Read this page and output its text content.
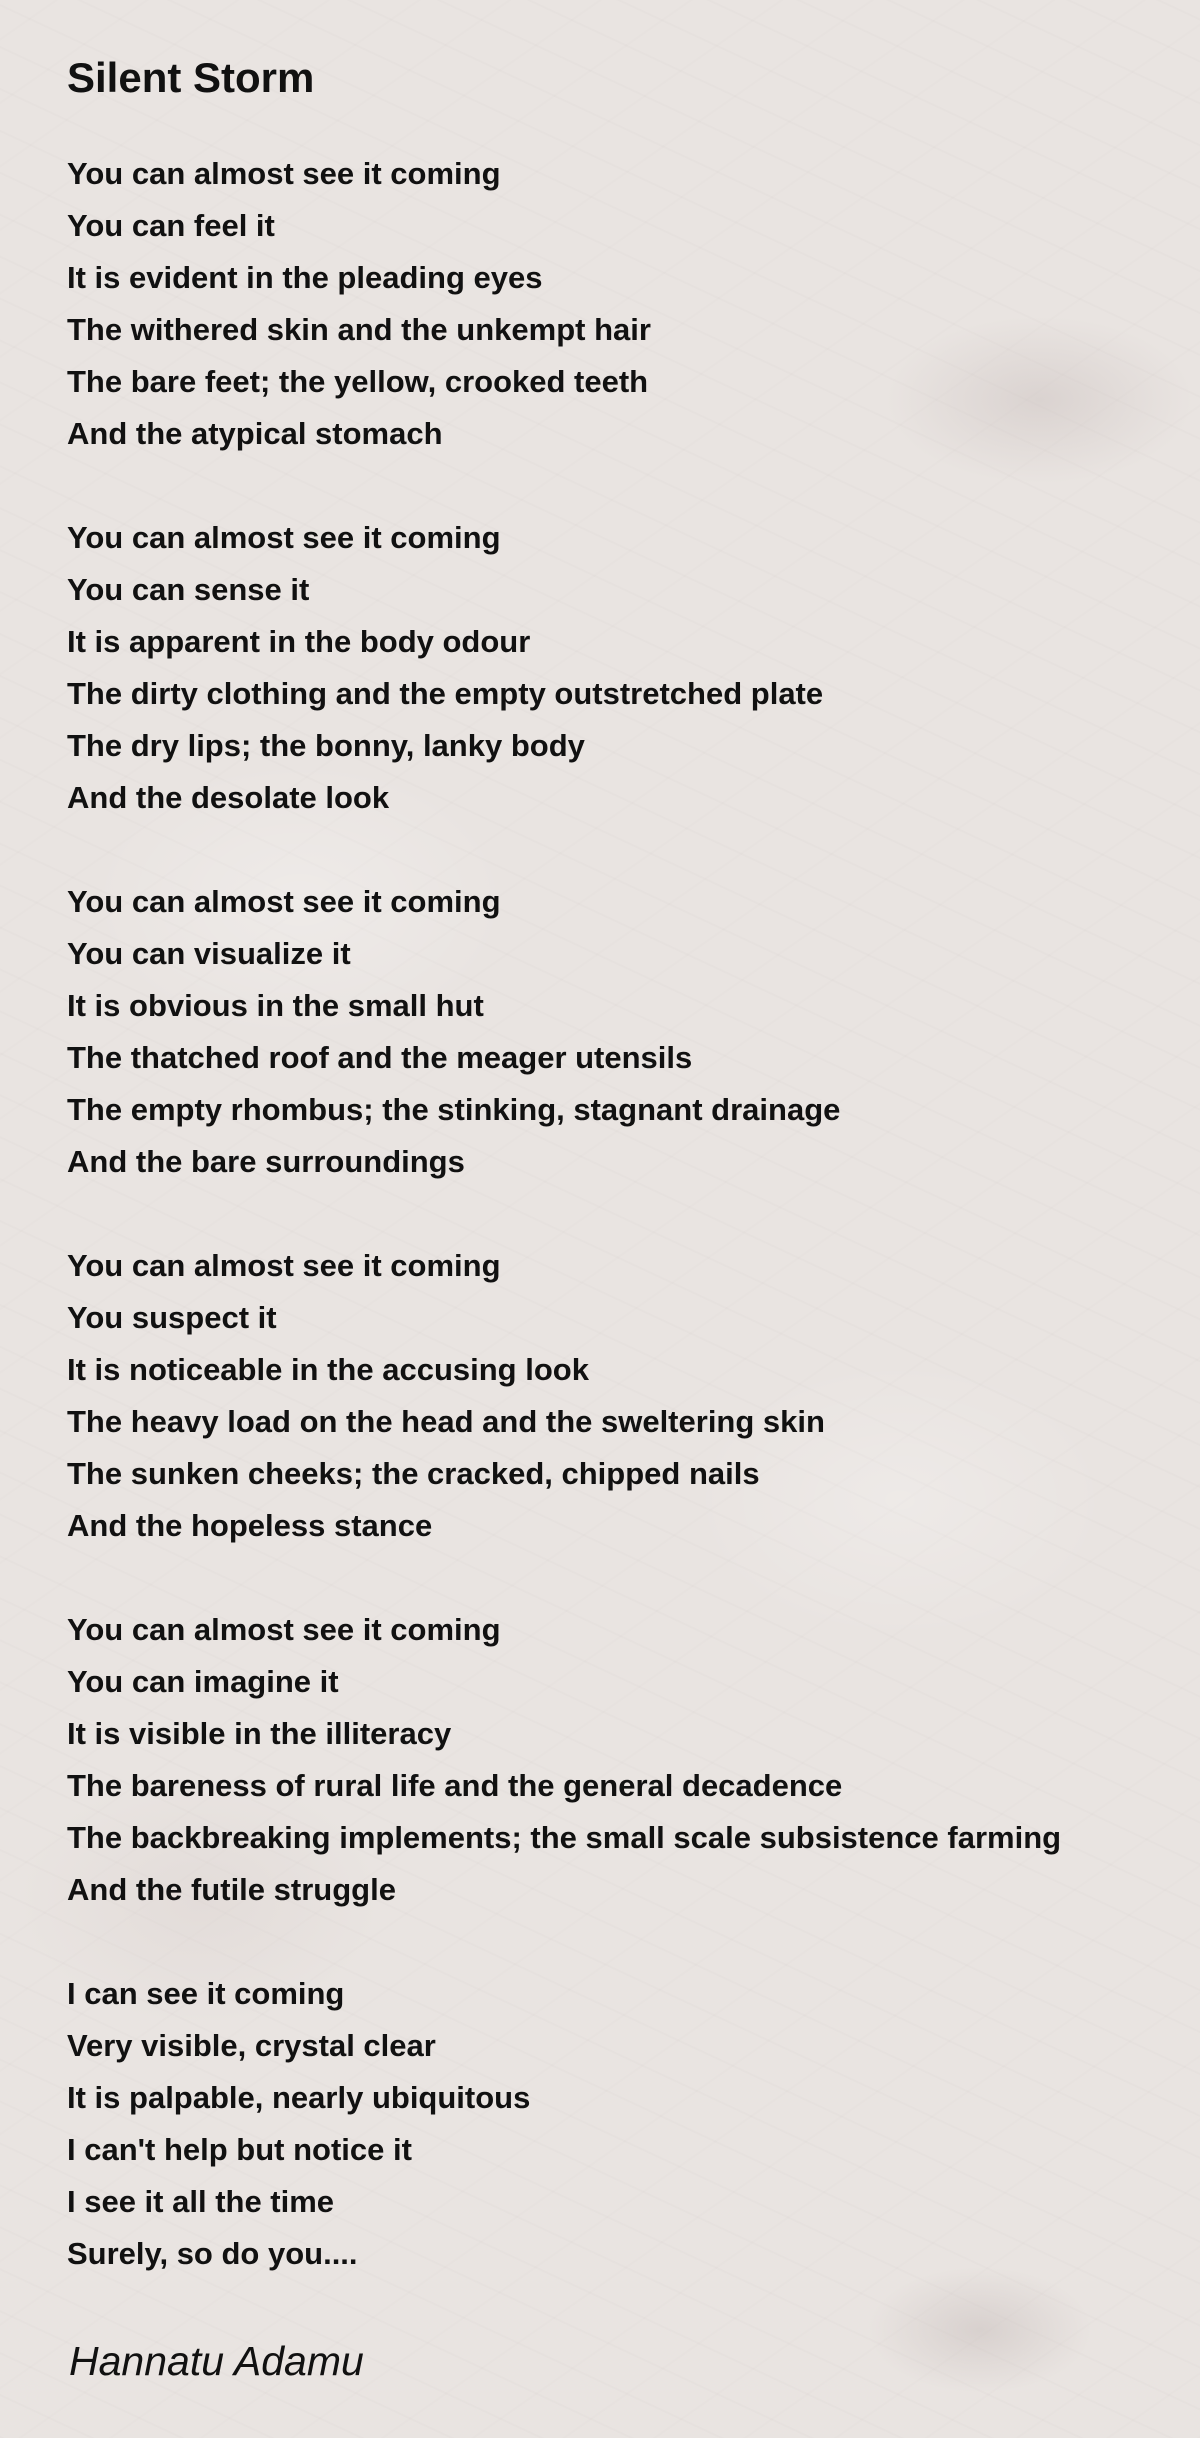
Silent Storm
You can almost see it coming
You can feel it
It is evident in the pleading eyes
The withered skin and the unkempt hair
The bare feet; the yellow, crooked teeth
And the atypical stomach
You can almost see it coming
You can sense it
It is apparent in the body odour
The dirty clothing and the empty outstretched plate
The dry lips; the bonny, lanky body
And the desolate look
You can almost see it coming
You can visualize it
It is obvious in the small hut
The thatched roof and the meager utensils
The empty rhombus; the stinking, stagnant drainage
And the bare surroundings
You can almost see it coming
You suspect it
It is noticeable in the accusing look
The heavy load on the head and the sweltering skin
The sunken cheeks; the cracked, chipped nails
And the hopeless stance
You can almost see it coming
You can imagine it
It is visible in the illiteracy
The bareness of rural life and the general decadence
The backbreaking implements; the small scale subsistence farming
And the futile struggle
I can see it coming
Very visible, crystal clear
It is palpable, nearly ubiquitous
I can't help but notice it
I see it all the time
Surely, so do you....

Hannatu Adamu
